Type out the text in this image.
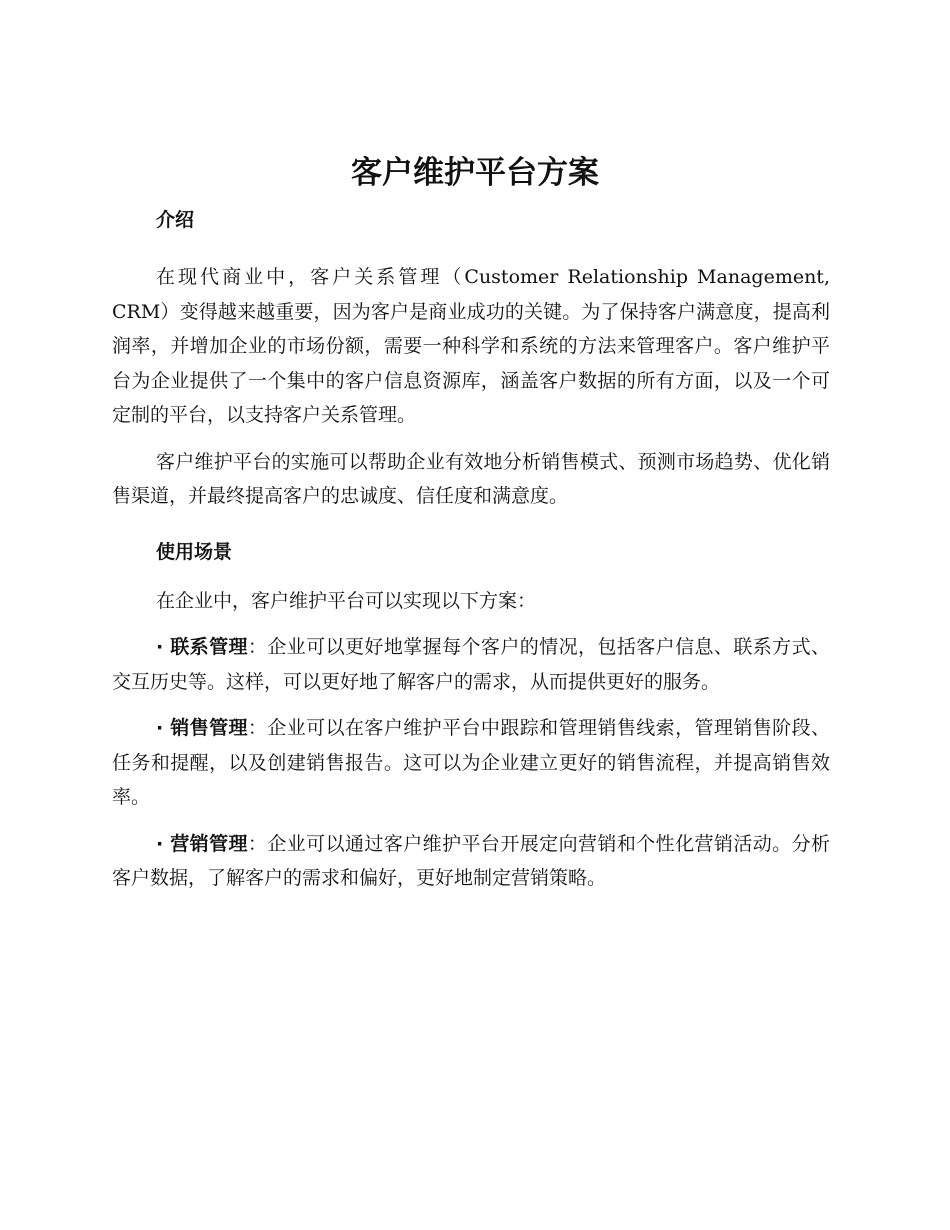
客户维护平台方案
介绍

在现代商业中，客户关系管理（Customer Relationship Management, CRM）变得越来越重要，因为客户是商业成功的关键。为了保持客户满意度，提高利润率，并增加企业的市场份额，需要一种科学和系统的方法来管理客户。客户维护平台为企业提供了一个集中的客户信息资源库，涵盖客户数据的所有方面，以及一个可定制的平台，以支持客户关系管理。

客户维护平台的实施可以帮助企业有效地分析销售模式、预测市场趋势、优化销售渠道，并最终提高客户的忠诚度、信任度和满意度。

使用场景

在企业中，客户维护平台可以实现以下方案：

· 联系管理：企业可以更好地掌握每个客户的情况，包括客户信息、联系方式、交互历史等。这样，可以更好地了解客户的需求，从而提供更好的服务。

· 销售管理：企业可以在客户维护平台中跟踪和管理销售线索，管理销售阶段、任务和提醒，以及创建销售报告。这可以为企业建立更好的销售流程，并提高销售效率。

· 营销管理：企业可以通过客户维护平台开展定向营销和个性化营销活动。分析客户数据，了解客户的需求和偏好，更好地制定营销策略。
